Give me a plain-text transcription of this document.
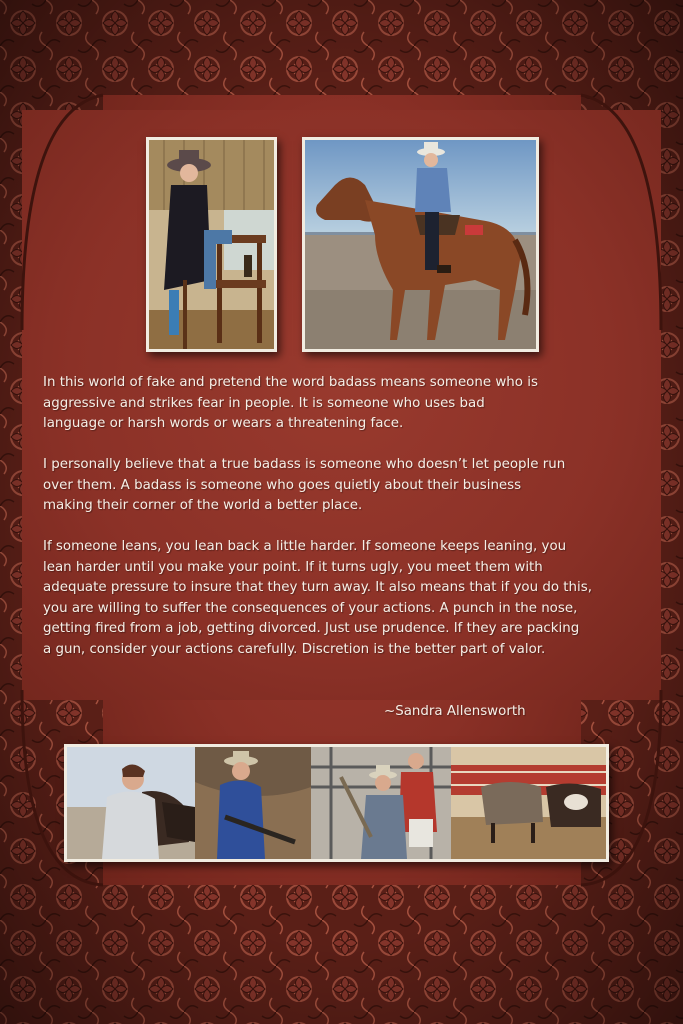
In this world of fake and pretend the word badass means someone who is
aggressive and strikes fear in people. It is someone who uses bad
language or harsh words or wears a threatening face.

I personally believe that a true badass is someone who doesn’t let people run
over them. A badass is someone who goes quietly about their business
making their corner of the world a better place.

If someone leans, you lean back a little harder. If someone keeps leaning, you
lean harder until you make your point. If it turns ugly, you meet them with
adequate pressure to insure that they turn away. It also means that if you do this,
you are willing to suffer the consequences of your actions. A punch in the nose,
getting fired from a job, getting divorced. Just use prudence. If they are packing
a gun, consider your actions carefully. Discretion is the better part of valor.

~Sandra Allensworth
